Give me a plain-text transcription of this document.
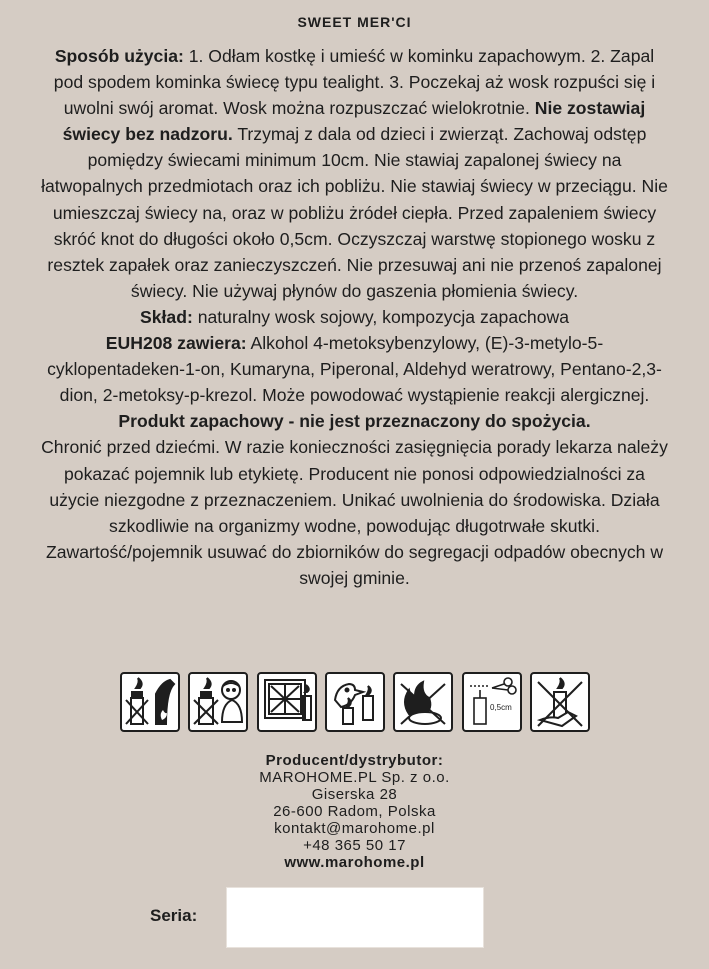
SWEET MER'CI

Sposób użycia: 1. Odłam kostkę i umieść w kominku zapachowym. 2. Zapal pod spodem kominka świecę typu tealight. 3. Poczekaj aż wosk rozpuści się i uwolni swój aromat. Wosk można rozpuszczać wielokrotnie. Nie zostawiaj świecy bez nadzoru. Trzymaj z dala od dzieci i zwierząt. Zachowaj odstęp pomiędzy świecami minimum 10cm. Nie stawiaj zapalonej świecy na łatwopalnych przedmiotach oraz ich pobliżu. Nie stawiaj świecy w przeciągu. Nie umieszczaj świecy na, oraz w pobliżu żródeł ciepła. Przed zapaleniem świecy skróć knot do długości około 0,5cm. Oczyszczaj warstwę stopionego wosku z resztek zapałek oraz zanieczyszczeń. Nie przesuwaj ani nie przenoś zapalonej świecy. Nie używaj płynów do gaszenia płomienia świecy.

Skład: naturalny wosk sojowy, kompozycja zapachowa

EUH208 zawiera: Alkohol 4-metoksybenzylowy, (E)-3-metylo-5-cyklopentadeken-1-on, Kumaryna, Piperonal, Aldehyd weratrowy, Pentano-2,3-dion, 2-metoksy-p-krezol. Może powodować wystąpienie reakcji alergicznej.

Produkt zapachowy - nie jest przeznaczony do spożycia.

Chronić przed dziećmi. W razie konieczności zasięgnięcia porady lekarza należy pokazać pojemnik lub etykietę. Producent nie ponosi odpowiedzialności za użycie niezgodne z przeznaczeniem. Unikać uwolnienia do środowiska. Działa szkodliwie na organizmy wodne, powodując długotrwałe skutki. Zawartość/pojemnik usuwać do zbiorników do segregacji odpadów obecnych w swojej gminie.

0,5cm
Producent/dystrybutor:
MAROHOME.PL Sp. z o.o.
Giserska 28
26-600 Radom, Polska
kontakt@marohome.pl
+48 365 50 17
www.marohome.pl
Seria:
